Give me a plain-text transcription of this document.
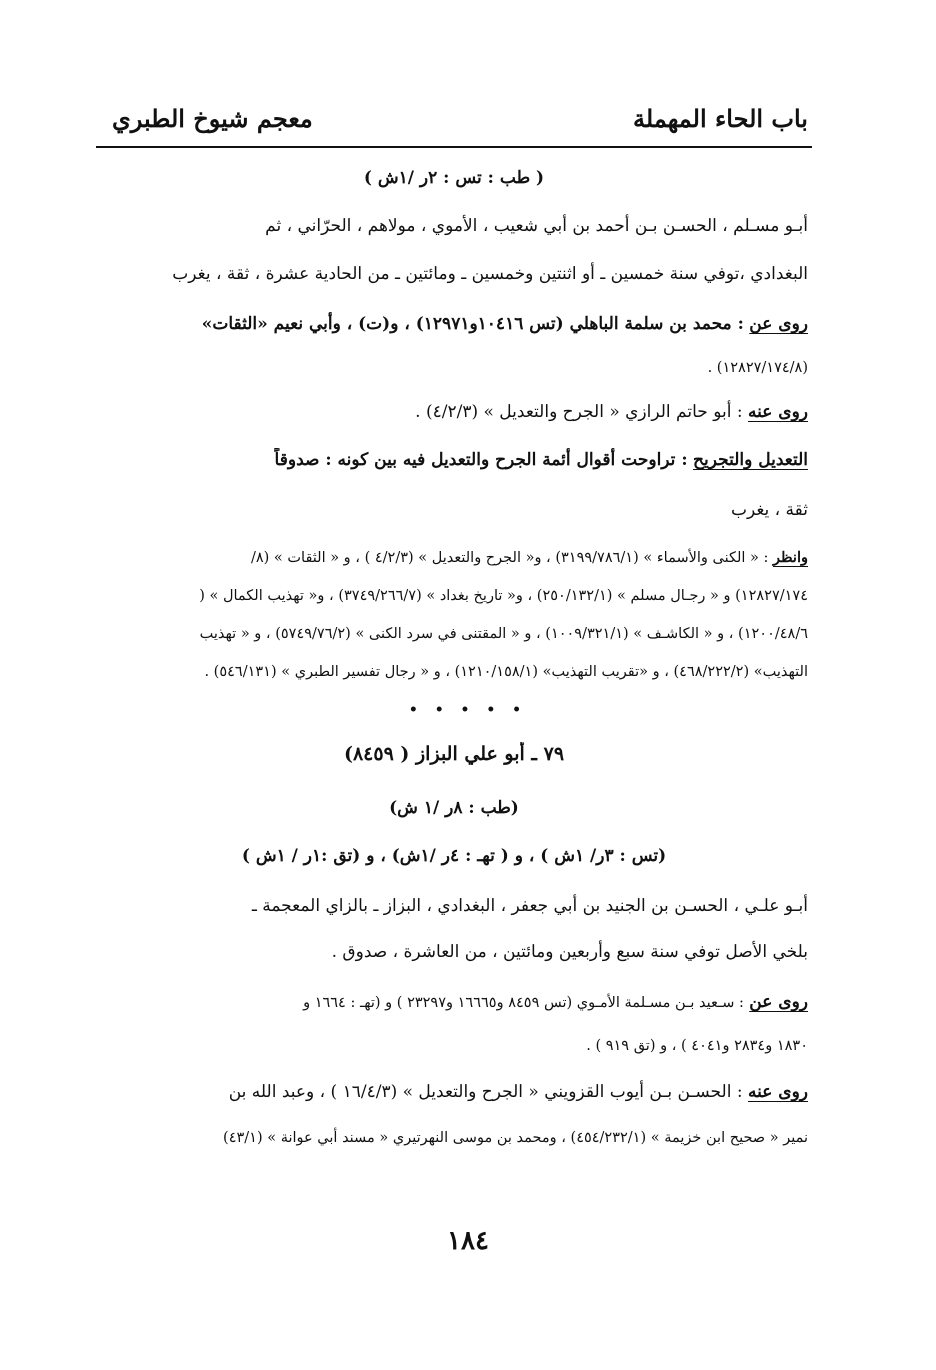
باب الحاء المهملة
معجم شيوخ الطبري
( طب : تس : ٢ر /١ش )
أبـو مسـلم ، الحسـن بـن أحمد بن أبي شعيب ، الأموي ، مولاهم ، الحرّاني ، ثم
البغدادي ،توفي سنة خمسين ـ أو اثنتين وخمسين ـ ومائتين ـ من الحادية عشرة ، ثقة ، يغرب
روى عن : محمد بن سلمة الباهلي (تس ١٠٤١٦و١٢٩٧١) ، و(ت) ، وأبي نعيم «الثقات»
(١٢٨٢٧/١٧٤/٨) .
روى عنه : أبو حاتم الرازي « الجرح والتعديل » (٤/٢/٣) .
التعديل والتجريح : تراوحت أقوال أئمة الجرح والتعديل فيه بين كونه : صدوقاً
ثقة ، يغرب
وانظر : « الكنى والأسماء » (٣١٩٩/٧٨٦/١) ، و« الجرح والتعديل » (٤/٢/٣ ) ، و « الثقات » (٨/
١٢٨٢٧/١٧٤) و « رجـال مسلم » (٢٥٠/١٣٢/١) ، و« تاريخ بغداد » (٣٧٤٩/٢٦٦/٧) ، و« تهذيب الكمال » (
١٢٠٠/٤٨/٦) ، و « الكاشـف » (١٠٠٩/٣٢١/١) ، و « المقتنى في سرد الكنى » (٥٧٤٩/٧٦/٢) ، و « تهذيب
التهذيب» (٤٦٨/٢٢٢/٢) ، و «تقريب التهذيب» (١٢١٠/١٥٨/١) ، و « رجال تفسير الطبري » (٥٤٦/١٣١) .
• • • • •
٧٩ ـ أبو علي البزاز ( ٨٤٥٩)
(طب : ٨ر /١ ش)
(تس : ٣ر/ ١ش ) ، و ( تهـ : ٤ر /١ش) ، و (تق :١ر / ١ش )
أبـو علـي ، الحسـن بن الجنيد بن أبي جعفر ، البغدادي ، البزاز ـ بالزاي المعجمة ـ
بلخي الأصل توفي سنة سبع وأربعين ومائتين ، من العاشرة ، صدوق .
روى عن : سـعيد بـن مسـلمة الأمـوي (تس ٨٤٥٩ و١٦٦٦٥ و٢٣٢٩٧ ) و (تهـ : ١٦٦٤ و
١٨٣٠ و٢٨٣٤ و٤٠٤١ ) ، و (تق ٩١٩ ) .
روى عنه : الحسـن بـن أيوب القزويني « الجرح والتعديل » (١٦/٤/٣ ) ، وعبد الله بن
نمير « صحيح ابن خزيمة » (٤٥٤/٢٣٢/١) ، ومحمد بن موسى النهرتيري « مسند أبي عوانة » (٤٣/١)
١٨٤
